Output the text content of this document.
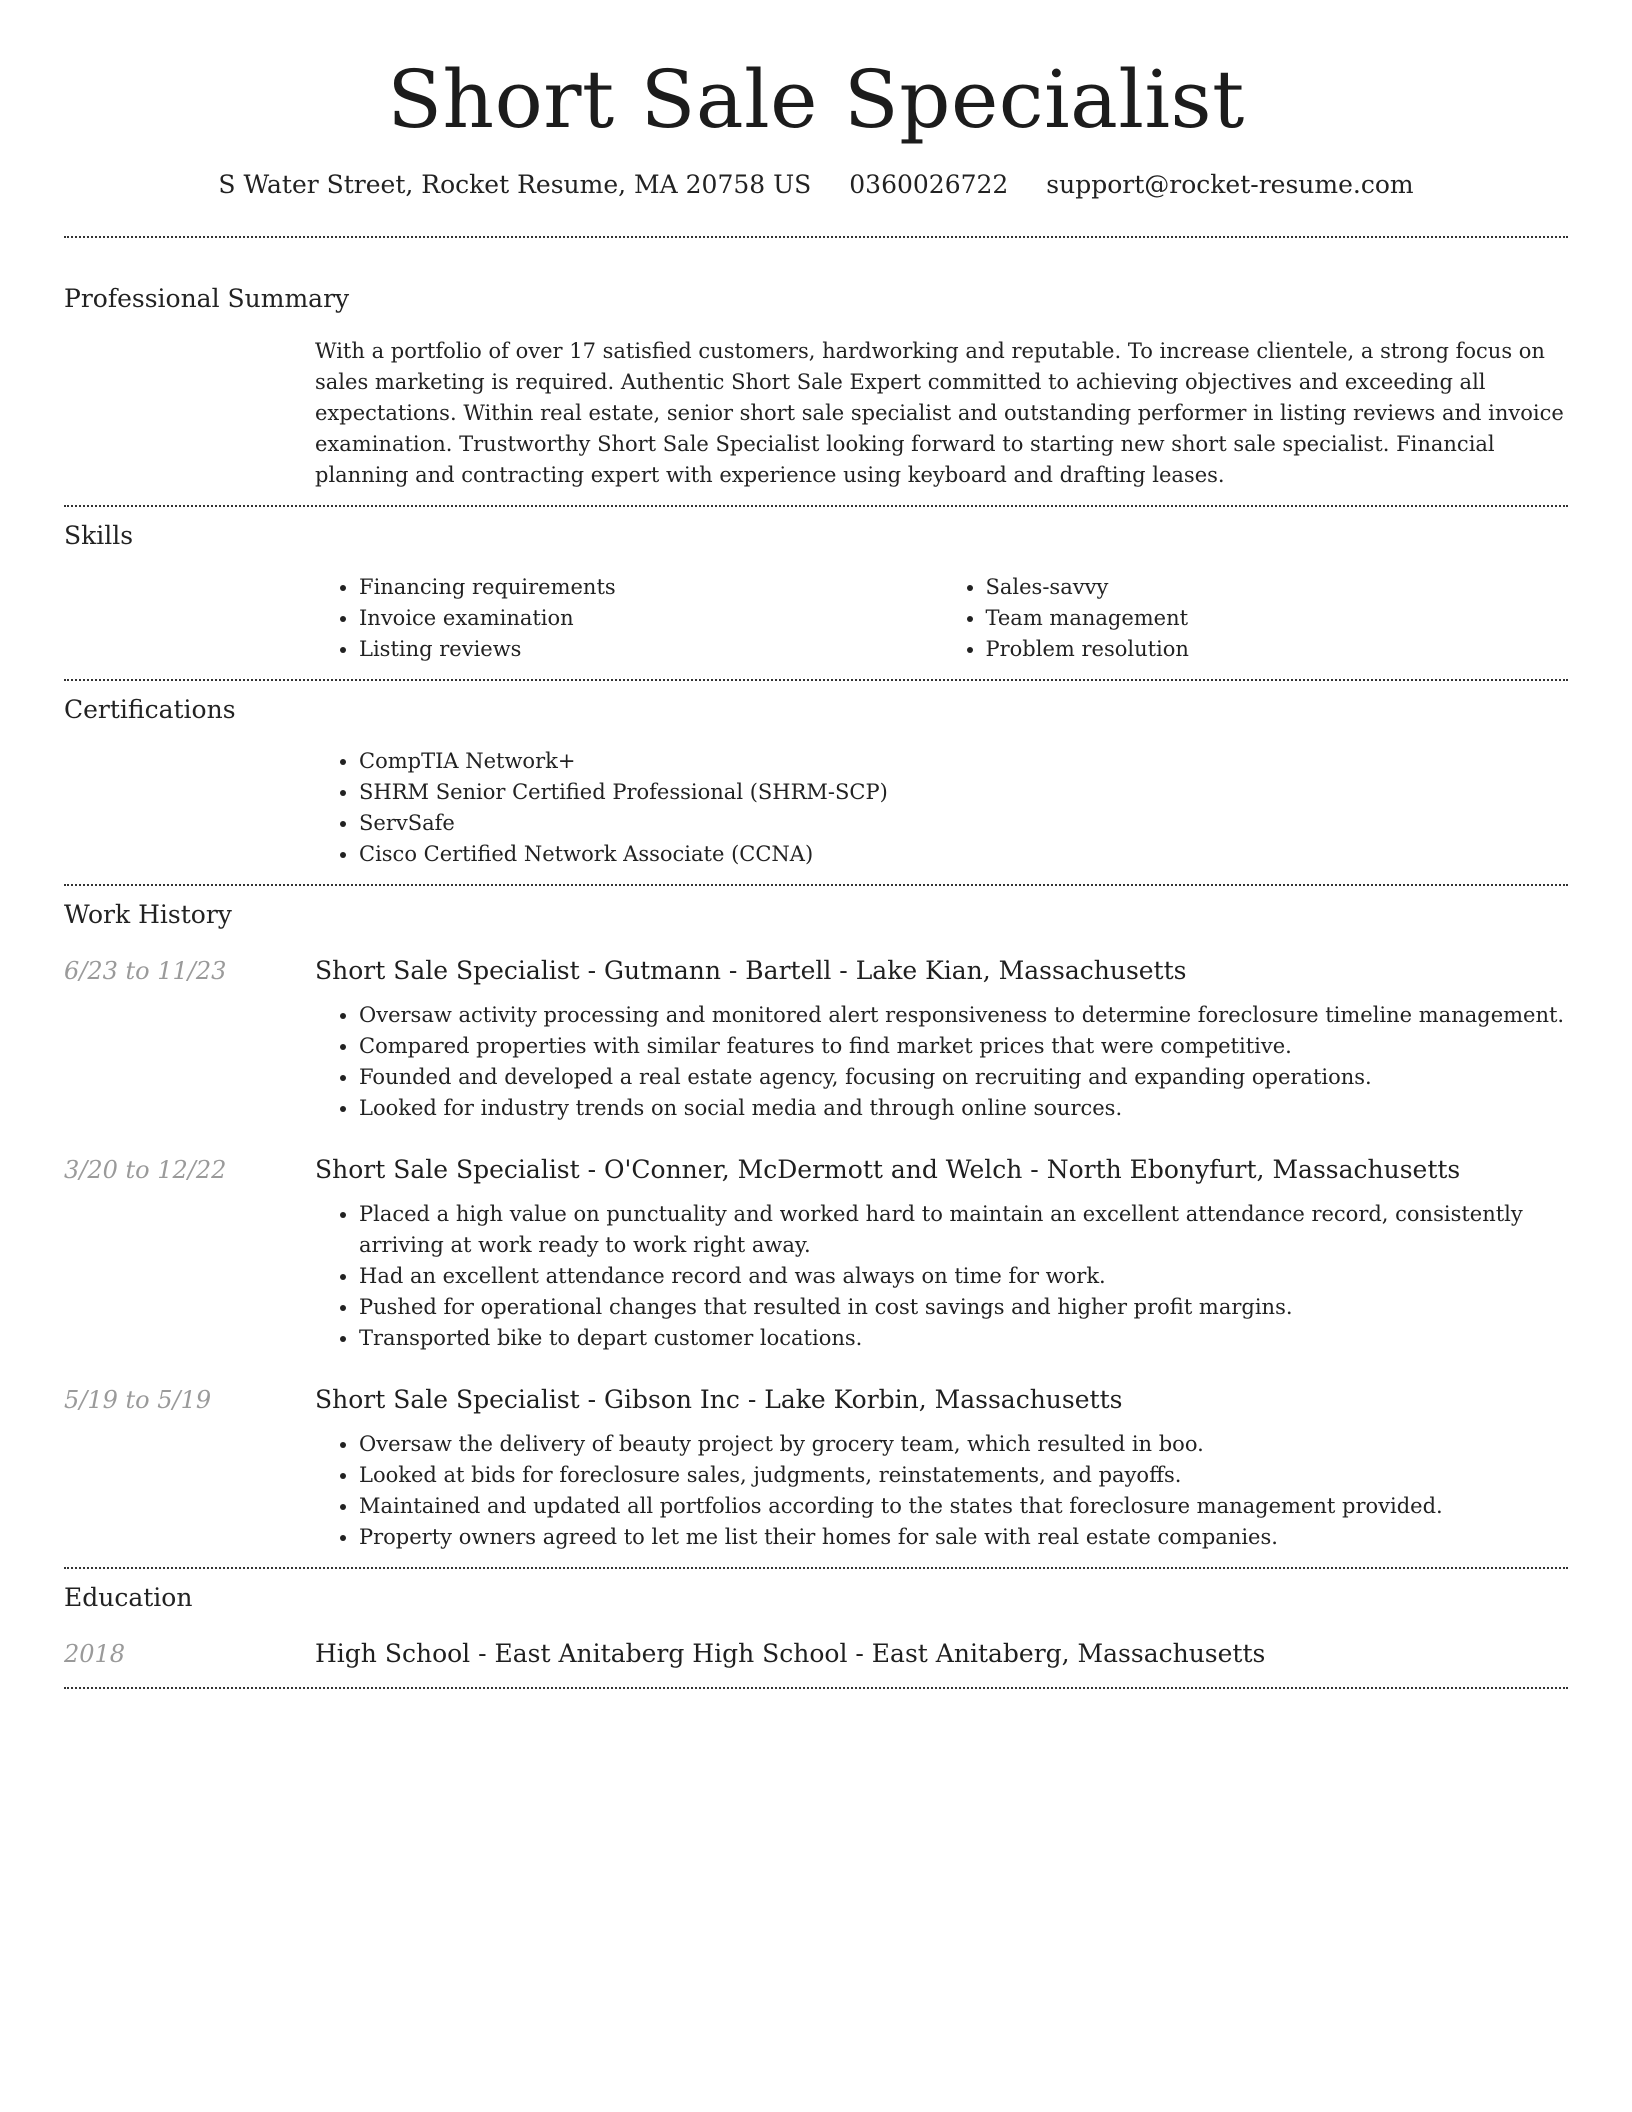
Short Sale Specialist
S Water Street, Rocket Resume, MA 20758 US 0360026722 support@rocket-resume.com
Professional Summary

With a portfolio of over 17 satisfied customers, hardworking and reputable. To increase clientele, a strong focus on sales marketing is required. Authentic Short Sale Expert committed to achieving objectives and exceeding all expectations. Within real estate, senior short sale specialist and outstanding performer in listing reviews and invoice examination. Trustworthy Short Sale Specialist looking forward to starting new short sale specialist. Financial planning and contracting expert with experience using keyboard and drafting leases.

Skills
• Financing requirements
• Invoice examination
• Listing reviews
• Sales-savvy
• Team management
• Problem resolution
Certifications
• CompTIA Network+
• SHRM Senior Certified Professional (SHRM-SCP)
• ServSafe
• Cisco Certified Network Associate (CCNA)
Work History
6/23 to 11/23	Short Sale Specialist - Gutmann - Bartell - Lake Kian, Massachusetts
• Oversaw activity processing and monitored alert responsiveness to determine foreclosure timeline management.
• Compared properties with similar features to find market prices that were competitive.
• Founded and developed a real estate agency, focusing on recruiting and expanding operations.
• Looked for industry trends on social media and through online sources.
3/20 to 12/22	Short Sale Specialist - O'Conner, McDermott and Welch - North Ebonyfurt, Massachusetts
• Placed a high value on punctuality and worked hard to maintain an excellent attendance record, consistently arriving at work ready to work right away.
• Had an excellent attendance record and was always on time for work.
• Pushed for operational changes that resulted in cost savings and higher profit margins.
• Transported bike to depart customer locations.
5/19 to 5/19	Short Sale Specialist - Gibson Inc - Lake Korbin, Massachusetts
• Oversaw the delivery of beauty project by grocery team, which resulted in boo.
• Looked at bids for foreclosure sales, judgments, reinstatements, and payoffs.
• Maintained and updated all portfolios according to the states that foreclosure management provided.
• Property owners agreed to let me list their homes for sale with real estate companies.
Education
2018	High School - East Anitaberg High School - East Anitaberg, Massachusetts
